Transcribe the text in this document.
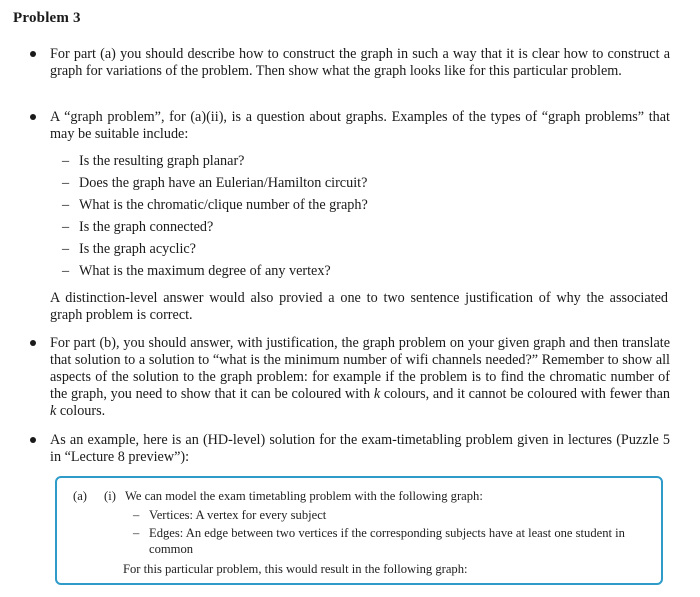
Problem 3
For part (a) you should describe how to construct the graph in such a way that it is clear how to construct a graph for variations of the problem. Then show what the graph looks like for this particular problem.
A “graph problem”, for (a)(ii), is a question about graphs. Examples of the types of “graph problems” that may be suitable include:
– Is the resulting graph planar?
– Does the graph have an Eulerian/Hamilton circuit?
– What is the chromatic/clique number of the graph?
– Is the graph connected?
– Is the graph acyclic?
– What is the maximum degree of any vertex?
A distinction-level answer would also provied a one to two sentence justification of why the associated graph problem is correct.
For part (b), you should answer, with justification, the graph problem on your given graph and then translate that solution to a solution to “what is the minimum number of wifi channels needed?” Remember to show all aspects of the solution to the graph problem: for example if the problem is to find the chromatic number of the graph, you need to show that it can be coloured with k colours, and it cannot be coloured with fewer than k colours.
As an example, here is an (HD-level) solution for the exam-timetabling problem given in lectures (Puzzle 5 in “Lecture 8 preview”):
(a) (i) We can model the exam timetabling problem with the following graph:
– Vertices: A vertex for every subject
– Edges: An edge between two vertices if the corresponding subjects have at least one student in common
For this particular problem, this would result in the following graph:
